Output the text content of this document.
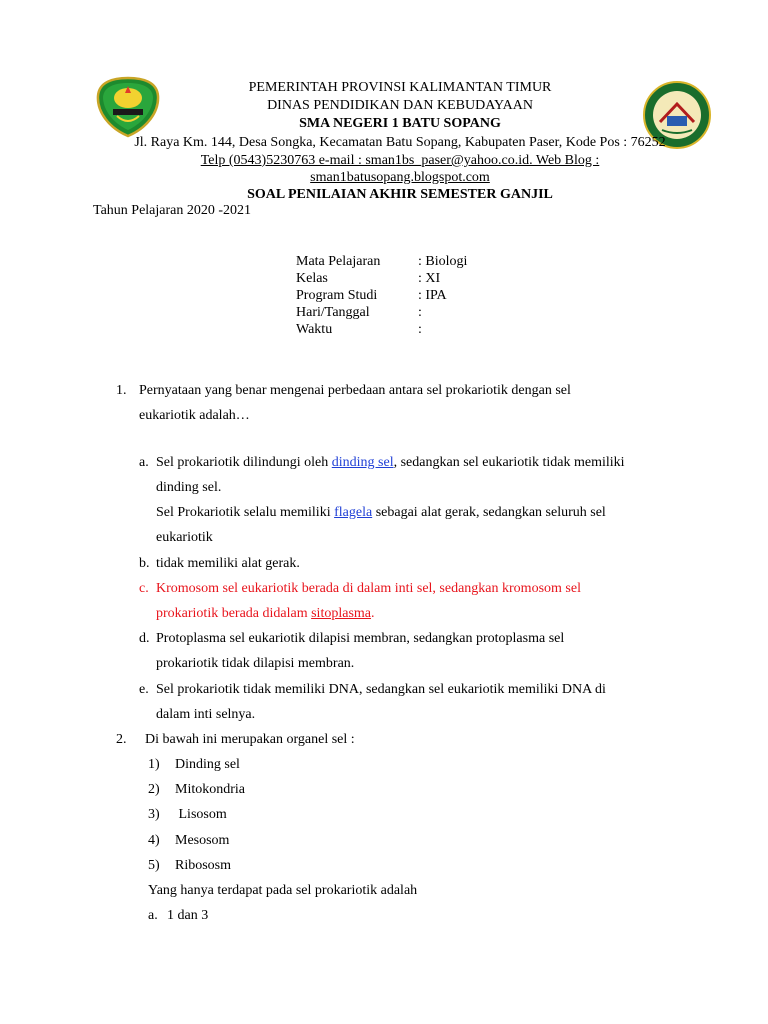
PEMERINTAH PROVINSI KALIMANTAN TIMUR
DINAS PENDIDIKAN DAN KEBUDAYAAN
SMA NEGERI 1 BATU SOPANG
Jl. Raya Km. 144, Desa Songka, Kecamatan Batu Sopang, Kabupaten Paser, Kode Pos : 76252
Telp (0543)5230763 e-mail : sman1bs_paser@yahoo.co.id. Web Blog :
sman1batusopang.blogspot.com
SOAL PENILAIAN AKHIR SEMESTER GANJIL
Tahun Pelajaran 2020 -2021
Mata Pelajaran	: Biologi
Kelas	: XI
Program Studi	: IPA
Hari/Tanggal	:
Waktu	:
1. Pernyataan yang benar mengenai perbedaan antara sel prokariotik dengan sel
eukariotik adalah…
a. Sel prokariotik dilindungi oleh dinding sel, sedangkan sel eukariotik tidak memiliki
dinding sel.
Sel Prokariotik selalu memiliki flagela sebagai alat gerak, sedangkan seluruh sel
eukariotik
b. tidak memiliki alat gerak.
c. Kromosom sel eukariotik berada di dalam inti sel, sedangkan kromosom sel
prokariotik berada didalam sitoplasma.
d. Protoplasma sel eukariotik dilapisi membran, sedangkan protoplasma sel
prokariotik tidak dilapisi membran.
e. Sel prokariotik tidak memiliki DNA, sedangkan sel eukariotik memiliki DNA di
dalam inti selnya.
2. Di bawah ini merupakan organel sel :
1) Dinding sel
2) Mitokondria
3) Lisosom
4) Mesosom
5) Ribososm
Yang hanya terdapat pada sel prokariotik adalah
a. 1 dan 3
